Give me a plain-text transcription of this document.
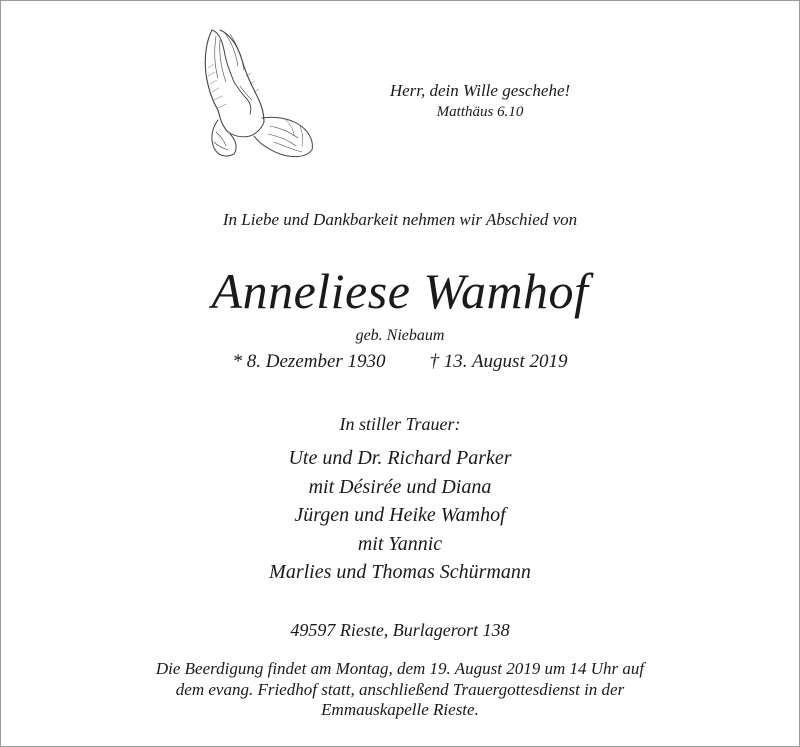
Herr, dein Wille geschehe!
Matthäus 6.10
In Liebe und Dankbarkeit nehmen wir Abschied von
Anneliese Wamhof
geb. Niebaum
* 8. Dezember 1930 † 13. August 2019
In stiller Trauer:
Ute und Dr. Richard Parker
mit Désirée und Diana
Jürgen und Heike Wamhof
mit Yannic
Marlies und Thomas Schürmann
49597 Rieste, Burlagerort 138
Die Beerdigung findet am Montag, dem 19. August 2019 um 14 Uhr auf
dem evang. Friedhof statt, anschließend Trauergottesdienst in der
Emmauskapelle Rieste.
